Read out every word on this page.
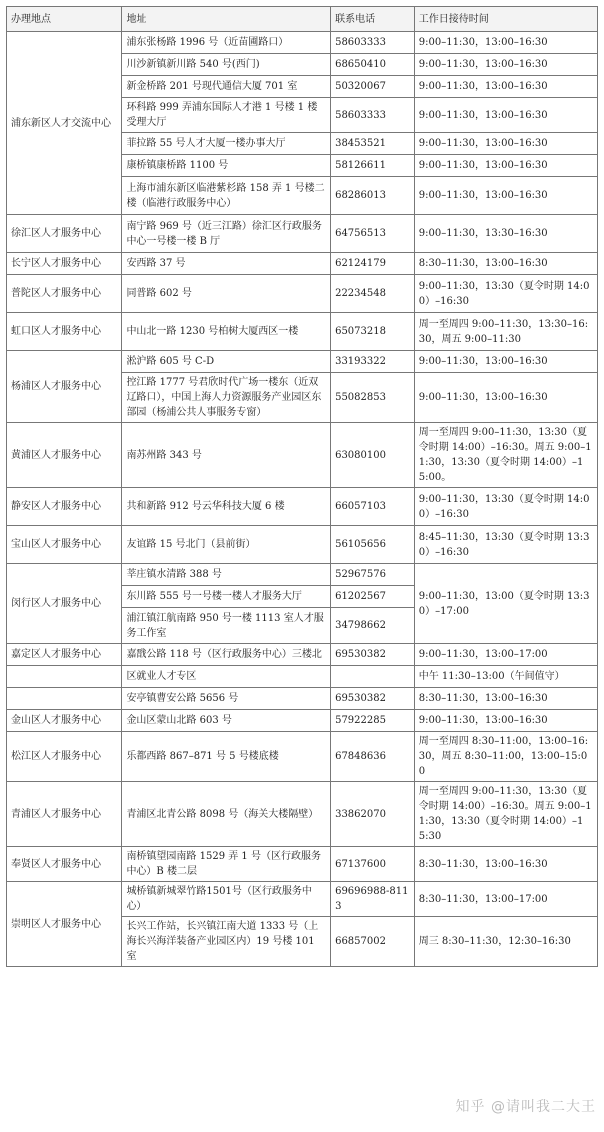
办理地点	地址	联系电话	工作日接待时间
浦东新区人才交流中心	浦东张杨路 1996 号（近苗圃路口）	58603333	9:00–11:30，13:00–16:30
	川沙新镇新川路 540 号(西门)	68650410	9:00–11:30，13:00–16:30
	新金桥路 201 号现代通信大厦 701 室	50320067	9:00–11:30，13:00–16:30
	环科路 999 弄浦东国际人才港 1 号楼 1 楼受理大厅	58603333	9:00–11:30，13:00–16:30
	菲拉路 55 号人才大厦一楼办事大厅	38453521	9:00–11:30，13:00–16:30
	康桥镇康桥路 1100 号	58126611	9:00–11:30，13:00–16:30
	上海市浦东新区临港紫杉路 158 弄 1 号楼二楼（临港行政服务中心）	68286013	9:00–11:30，13:00–16:30
徐汇区人才服务中心	南宁路 969 号（近三江路）徐汇区行政服务中心一号楼一楼 B 厅	64756513	9:00–11:30，13:30–16:30
长宁区人才服务中心	安西路 37 号	62124179	8:30–11:30，13:00–16:30
普陀区人才服务中心	同普路 602 号	22234548	9:00–11:30，13:30（夏令时期 14:00）–16:30
虹口区人才服务中心	中山北一路 1230 号柏树大厦西区一楼	65073218	周一至周四 9:00–11:30，13:30–16:30，周五 9:00–11:30
杨浦区人才服务中心	淞沪路 605 号 C-D	33193322	9:00–11:30，13:00–16:30
	控江路 1777 号君欣时代广场一楼东（近双辽路口），中国上海人力资源服务产业园区东部园（杨浦公共人事服务专窗）	55082853	9:00–11:30，13:00–16:30
黄浦区人才服务中心	南苏州路 343 号	63080100	周一至周四 9:00–11:30，13:30（夏令时期 14:00）–16:30。周五 9:00–11:30，13:30（夏令时期 14:00）–15:00。
静安区人才服务中心	共和新路 912 号云华科技大厦 6 楼	66057103	9:00–11:30，13:30（夏令时期 14:00）–16:30
宝山区人才服务中心	友谊路 15 号北门（县前街）	56105656	8:45–11:30，13:30（夏令时期 13:30）–16:30
闵行区人才服务中心	莘庄镇水清路 388 号	52967576	9:00–11:30，13:00（夏令时期 13:30）–17:00
	东川路 555 号一号楼一楼人才服务大厅	61202567	
	浦江镇江航南路 950 号一楼 1113 室人才服务工作室	34798662	
嘉定区人才服务中心	嘉戬公路 118 号（区行政服务中心）三楼北	69530382	9:00–11:30，13:00–17:00
	区就业人才专区		中午 11:30–13:00（午间值守）
	安亭镇曹安公路 5656 号	69530382	8:30–11:30，13:00–16:30
金山区人才服务中心	金山区蒙山北路 603 号	57922285	9:00–11:30，13:00–16:30
松江区人才服务中心	乐都西路 867–871 号 5 号楼底楼	67848636	周一至周四 8:30–11:00，13:00–16:30，周五 8:30–11:00，13:00–15:00
青浦区人才服务中心	青浦区北青公路 8098 号（海关大楼隔壁）	33862070	周一至周四 9:00–11:30，13:30（夏令时期 14:00）–16:30。周五 9:00–11:30，13:30（夏令时期 14:00）–15:30
奉贤区人才服务中心	南桥镇望园南路 1529 弄 1 号（区行政服务中心）B 楼二层	67137600	8:30–11:30，13:00–16:30
崇明区人才服务中心	城桥镇新城翠竹路1501号（区行政服务中心）	69696988-8113	8:30–11:30，13:00–17:00
	长兴工作站，长兴镇江南大道 1333 号（上海长兴海洋装备产业园区内）19 号楼 101 室	66857002	周三 8:30–11:30，12:30–16:30
知乎 @请叫我二大王
